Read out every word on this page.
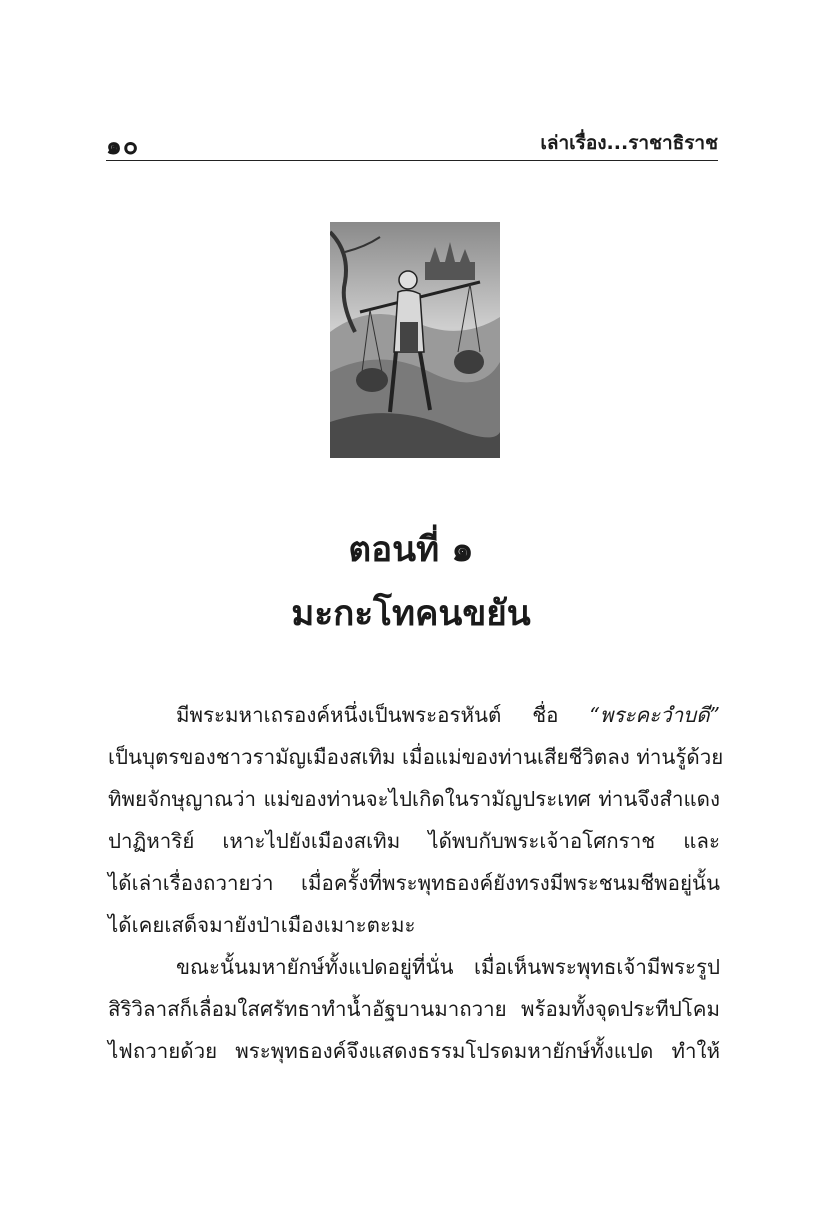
๑๐	เล่าเรื่อง...ราชาธิราช
ตอนที่ ๑
มะกะโทคนขยัน
มีพระมหาเถรองค์หนึ่งเป็นพระอรหันต์ ชื่อ “พระคะวำบดี”
เป็นบุตรของชาวรามัญเมืองสเทิม เมื่อแม่ของท่านเสียชีวิตลง ท่านรู้ด้วย
ทิพยจักษุญาณว่า แม่ของท่านจะไปเกิดในรามัญประเทศ ท่านจึงสำแดง
ปาฏิหาริย์ เหาะไปยังเมืองสเทิม ได้พบกับพระเจ้าอโศกราช และ
ได้เล่าเรื่องถวายว่า เมื่อครั้งที่พระพุทธองค์ยังทรงมีพระชนมชีพอยู่นั้น
ได้เคยเสด็จมายังป่าเมืองเมาะตะมะ
ขณะนั้นมหายักษ์ทั้งแปดอยู่ที่นั่น เมื่อเห็นพระพุทธเจ้ามีพระรูป
สิริวิลาสก็เลื่อมใสศรัทธาทำน้ำอัฐบานมาถวาย พร้อมทั้งจุดประทีปโคม
ไฟถวายด้วย พระพุทธองค์จึงแสดงธรรมโปรดมหายักษ์ทั้งแปด ทำให้
